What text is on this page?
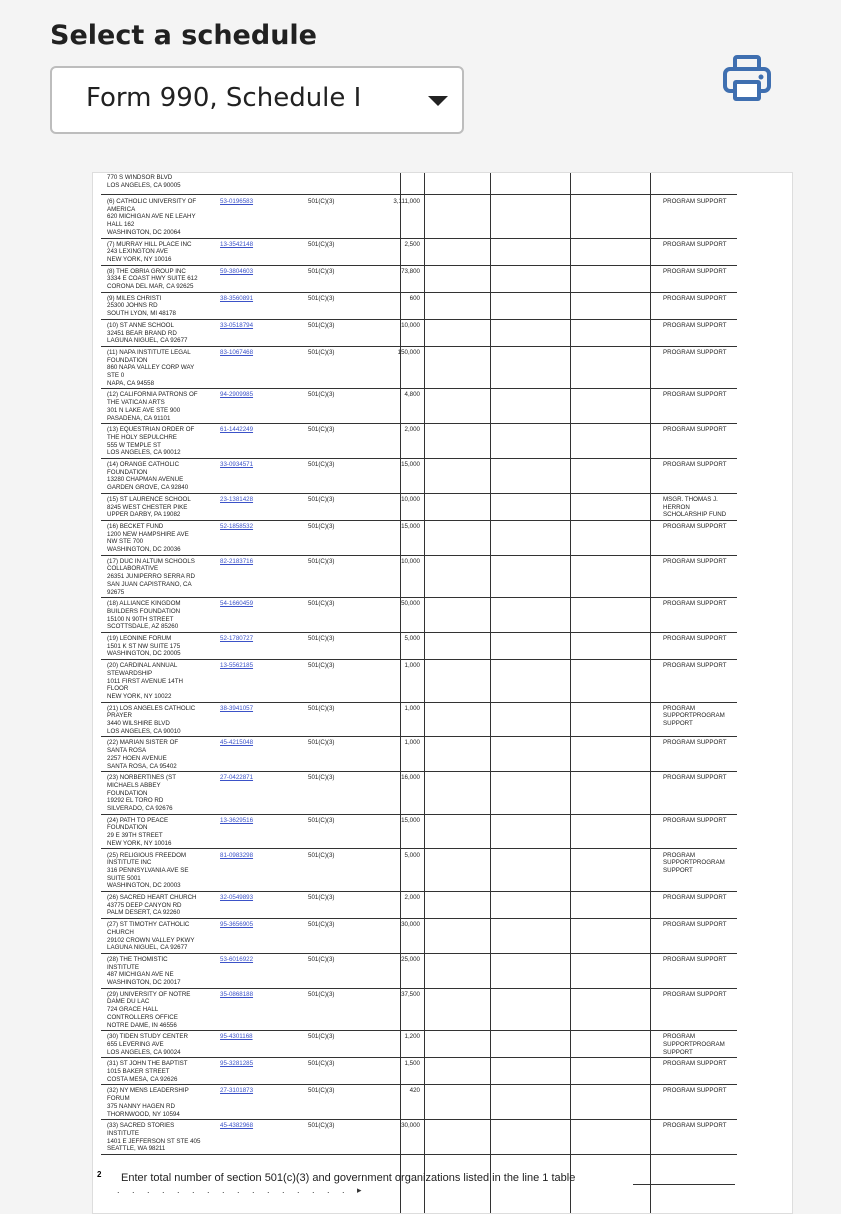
Select a schedule
Form 990, Schedule I
770 S WINDSOR BLVD
LOS ANGELES, CA 90005
(6) CATHOLIC UNIVERSITY OF
AMERICA
620 MICHIGAN AVE NE LEAHY
HALL 162
WASHINGTON, DC 20064
53-0196583	501(C)(3)	3,111,000	PROGRAM SUPPORT
(7) MURRAY HILL PLACE INC
243 LEXINGTON AVE
NEW YORK, NY 10016
13-3542148	501(C)(3)	2,500	PROGRAM SUPPORT
(8) THE OBRIA GROUP INC
3334 E COAST HWY SUITE 612
CORONA DEL MAR, CA 92625
59-3804603	501(C)(3)	73,800	PROGRAM SUPPORT
(9) MILES CHRISTI
25300 JOHNS RD
SOUTH LYON, MI 48178
38-3560891	501(C)(3)	600	PROGRAM SUPPORT
(10) ST ANNE SCHOOL
32451 BEAR BRAND RD
LAGUNA NIGUEL, CA 92677
33-0518794	501(C)(3)	10,000	PROGRAM SUPPORT
(11) NAPA INSTITUTE LEGAL
FOUNDATION
860 NAPA VALLEY CORP WAY
STE 0
NAPA, CA 94558
83-1067468	501(C)(3)	150,000	PROGRAM SUPPORT
(12) CALIFORNIA PATRONS OF
THE VATICAN ARTS
301 N LAKE AVE STE 900
PASADENA, CA 91101
94-2909985	501(C)(3)	4,800	PROGRAM SUPPORT
(13) EQUESTRIAN ORDER OF
THE HOLY SEPULCHRE
555 W TEMPLE ST
LOS ANGELES, CA 90012
61-1442249	501(C)(3)	2,000	PROGRAM SUPPORT
(14) ORANGE CATHOLIC
FOUNDATION
13280 CHAPMAN AVENUE
GARDEN GROVE, CA 92840
33-0934571	501(C)(3)	15,000	PROGRAM SUPPORT
(15) ST LAURENCE SCHOOL
8245 WEST CHESTER PIKE
UPPER DARBY, PA 19082
23-1381428	501(C)(3)	10,000	MSGR. THOMAS J.
HERRON
SCHOLARSHIP FUND
(16) BECKET FUND
1200 NEW HAMPSHIRE AVE
NW STE 700
WASHINGTON, DC 20036
52-1858532	501(C)(3)	15,000	PROGRAM SUPPORT
(17) DUC IN ALTUM SCHOOLS
COLLABORATIVE
26351 JUNIPERRO SERRA RD
SAN JUAN CAPISTRANO, CA
92675
82-2183716	501(C)(3)	10,000	PROGRAM SUPPORT
(18) ALLIANCE KINGDOM
BUILDERS FOUNDATION
15100 N 90TH STREET
SCOTTSDALE, AZ 85260
54-1660459	501(C)(3)	50,000	PROGRAM SUPPORT
(19) LEONINE FORUM
1501 K ST NW SUITE 175
WASHINGTON, DC 20005
52-1780727	501(C)(3)	5,000	PROGRAM SUPPORT
(20) CARDINAL ANNUAL
STEWARDSHIP
1011 FIRST AVENUE 14TH
FLOOR
NEW YORK, NY 10022
13-5562185	501(C)(3)	1,000	PROGRAM SUPPORT
(21) LOS ANGELES CATHOLIC
PRAYER
3440 WILSHIRE BLVD
LOS ANGELES, CA 90010
38-3941057	501(C)(3)	1,000	PROGRAM
SUPPORTPROGRAM
SUPPORT
(22) MARIAN SISTER OF
SANTA ROSA
2257 HOEN AVENUE
SANTA ROSA, CA 95402
45-4215048	501(C)(3)	1,000	PROGRAM SUPPORT
(23) NORBERTINES (ST
MICHAELS ABBEY
FOUNDATION
19292 EL TORO RD
SILVERADO, CA 92676
27-0422871	501(C)(3)	16,000	PROGRAM SUPPORT
(24) PATH TO PEACE
FOUNDATION
29 E 39TH STREET
NEW YORK, NY 10016
13-3629516	501(C)(3)	15,000	PROGRAM SUPPORT
(25) RELIGIOUS FREEDOM
INSTITUTE INC
316 PENNSYLVANIA AVE SE
SUITE 5001
WASHINGTON, DC 20003
81-0983298	501(C)(3)	5,000	PROGRAM
SUPPORTPROGRAM
SUPPORT
(26) SACRED HEART CHURCH
43775 DEEP CANYON RD
PALM DESERT, CA 92260
32-0549893	501(C)(3)	2,000	PROGRAM SUPPORT
(27) ST TIMOTHY CATHOLIC
CHURCH
29102 CROWN VALLEY PKWY
LAGUNA NIGUEL, CA 92677
95-3656905	501(C)(3)	30,000	PROGRAM SUPPORT
(28) THE THOMISTIC
INSTITUTE
487 MICHIGAN AVE NE
WASHINGTON, DC 20017
53-6016922	501(C)(3)	25,000	PROGRAM SUPPORT
(29) UNIVERSITY OF NOTRE
DAME DU LAC
724 GRACE HALL
CONTROLLERS OFFICE
NOTRE DAME, IN 46556
35-0868188	501(C)(3)	37,500	PROGRAM SUPPORT
(30) TIDEN STUDY CENTER
655 LEVERING AVE
LOS ANGELES, CA 90024
95-4301168	501(C)(3)	1,200	PROGRAM
SUPPORTPROGRAM
SUPPORT
(31) ST JOHN THE BAPTIST
1015 BAKER STREET
COSTA MESA, CA 92626
95-3281285	501(C)(3)	1,500	PROGRAM SUPPORT
(32) NY MENS LEADERSHIP
FORUM
375 NANNY HAGEN RD
THORNWOOD, NY 10594
27-3101873	501(C)(3)	420	PROGRAM SUPPORT
(33) SACRED STORIES
INSTITUTE
1401 E JEFFERSON ST STE 405
SEATTLE, WA 98211
45-4382968	501(C)(3)	30,000	PROGRAM SUPPORT
2 Enter total number of section 501(c)(3) and government organizations listed in the line 1 table
. . . . . . . . . . . . . . . . ▸
